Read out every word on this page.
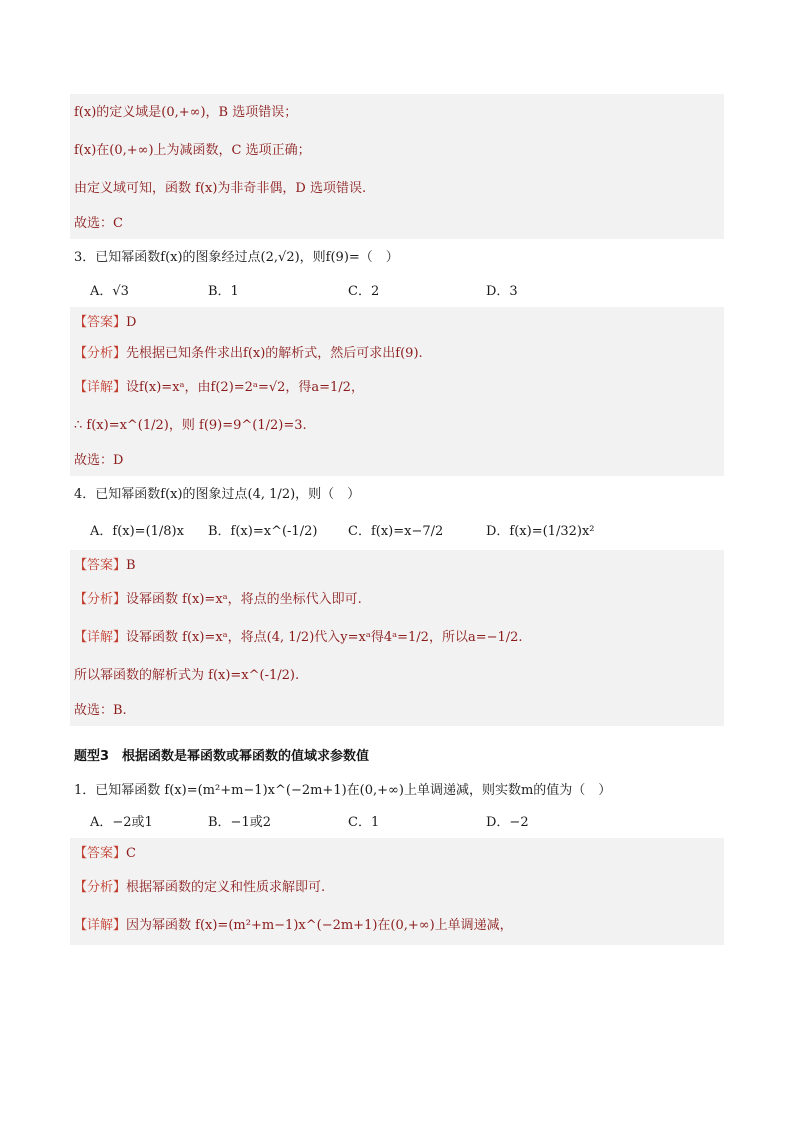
f(x)的定义域是(0,+∞)，B 选项错误；
f(x)在(0,+∞)上为减函数，C 选项正确；
由定义域可知，函数 f(x)为非奇非偶，D 选项错误.
故选：C
3．已知幂函数f(x)的图象经过点(2,√2)，则f(9)=（　）
A．√3	B．1	C．2	D．3
【答案】D
【分析】先根据已知条件求出f(x)的解析式，然后可求出f(9).
【详解】设f(x)=xᵃ，由f(2)=2ᵃ=√2，得a=1/2，
∴ f(x)=x^(1/2)，则 f(9)=9^(1/2)=3.
故选：D
4．已知幂函数f(x)的图象过点(4, 1/2)，则（　）
A．f(x)=(1/8)x B．f(x)=x^(-1/2) C．f(x)=x−7/2	D．f(x)=(1/32)x²
【答案】B
【分析】设幂函数 f(x)=xᵃ，将点的坐标代入即可.
【详解】设幂函数 f(x)=xᵃ，将点(4, 1/2)代入y=xᵃ得4ᵃ=1/2，所以a=−1/2.
所以幂函数的解析式为 f(x)=x^(-1/2).
故选：B.
题型3　根据函数是幂函数或幂函数的值域求参数值
1．已知幂函数 f(x)=(m²+m−1)x^(−2m+1)在(0,+∞)上单调递减，则实数m的值为（　）
A．−2或1	B．−1或2	C．1	D．−2
【答案】C
【分析】根据幂函数的定义和性质求解即可.
【详解】因为幂函数 f(x)=(m²+m−1)x^(−2m+1)在(0,+∞)上单调递减，
